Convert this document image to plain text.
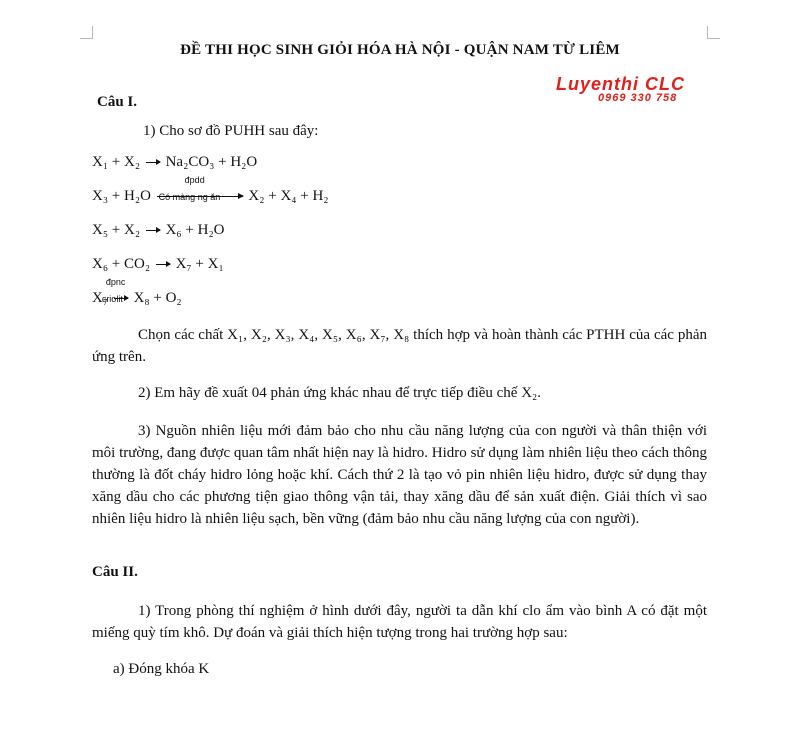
ĐỀ THI HỌC SINH GIỎI HÓA HÀ NỘI - QUẬN NAM TỪ LIÊM
Luyenthi CLC
0969 330 758
Câu I.
1) Cho sơ đồ PUHH sau đây:
X₁ + X₂ Na₂CO₃ + H₂O
X₃ + H₂O
đpdd
Có màng ng ăn X₂ + X₄ + H₂
X₅ + X₂ X₆ + H₂O
X₆ + CO₂ X₇ + X₁
X₇
đpnc
criolit X₈ + O₂
Chọn các chất X₁, X₂, X₃, X₄, X₅, X₆, X₇, X₈ thích hợp và hoàn thành các PTHH của các phản ứng trên.
2) Em hãy đề xuất 04 phản ứng khác nhau để trực tiếp điều chế X₂.
3) Nguồn nhiên liệu mới đảm bảo cho nhu cầu năng lượng của con người và thân thiện với môi trường, đang được quan tâm nhất hiện nay là hidro. Hidro sử dụng làm nhiên liệu theo cách thông thường là đốt cháy hidro lỏng hoặc khí. Cách thứ 2 là tạo vỏ pin nhiên liệu hidro, được sử dụng thay xăng dầu cho các phương tiện giao thông vận tải, thay xăng dầu để sản xuất điện. Giải thích vì sao nhiên liệu hidro là nhiên liệu sạch, bền vững (đảm bảo nhu cầu năng lượng của con người).
Câu II.
1) Trong phòng thí nghiệm ở hình dưới đây, người ta dẫn khí clo ẩm vào bình A có đặt một miếng quỳ tím khô. Dự đoán và giải thích hiện tượng trong hai trường hợp sau:
a) Đóng khóa K
